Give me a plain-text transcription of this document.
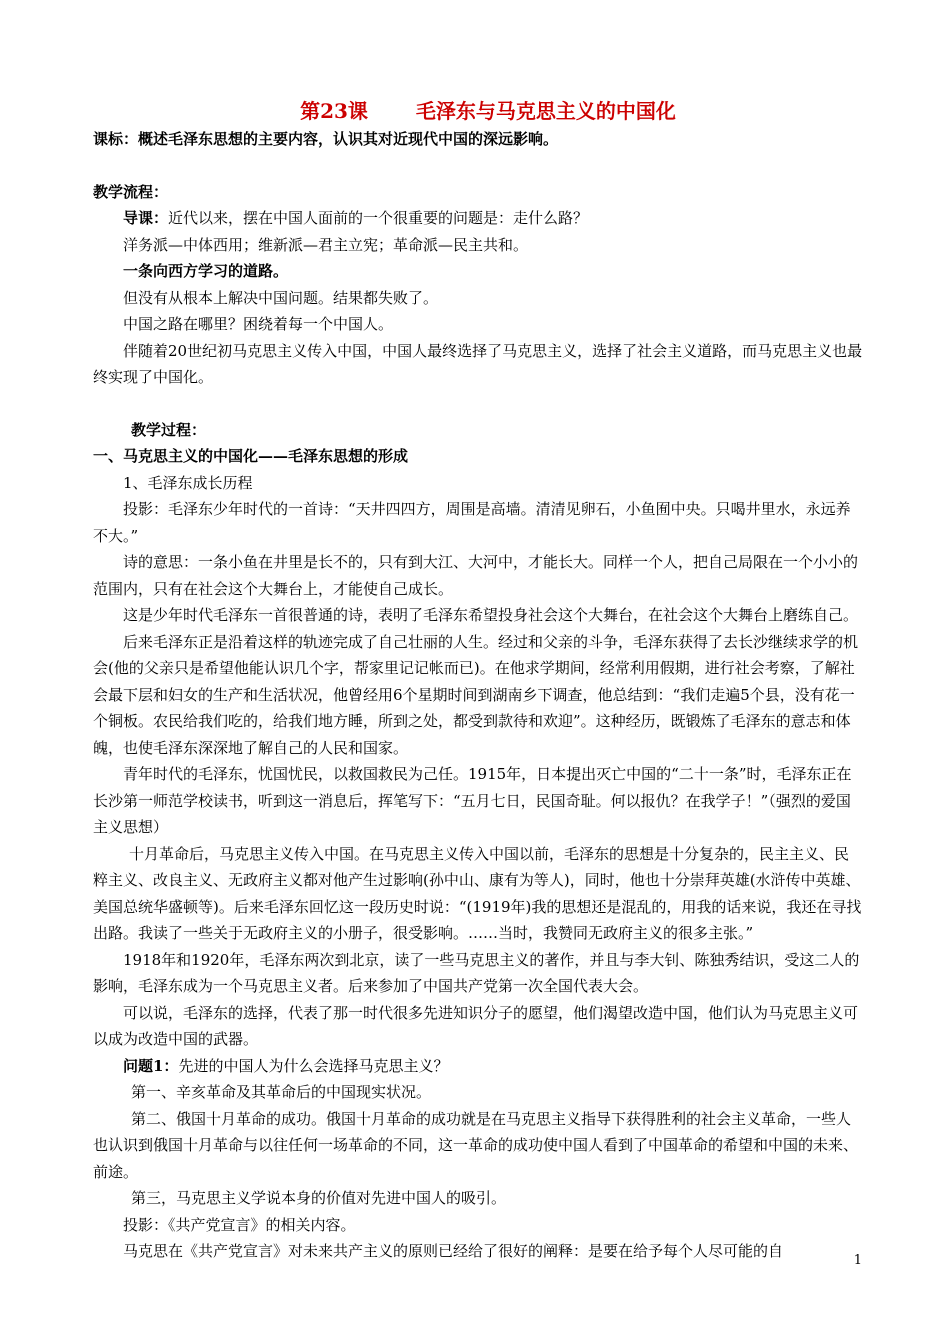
第23课 毛泽东与马克思主义的中国化

课标：概述毛泽东思想的主要内容，认识其对近现代中国的深远影响。

教学流程：

导课：近代以来，摆在中国人面前的一个很重要的问题是：走什么路？

洋务派—中体西用；维新派—君主立宪；革命派—民主共和。

一条向西方学习的道路。

但没有从根本上解决中国问题。结果都失败了。

中国之路在哪里？困绕着每一个中国人。

伴随着20世纪初马克思主义传入中国，中国人最终选择了马克思主义，选择了社会主义道路，而马克思主义也最终实现了中国化。

教学过程：

一、马克思主义的中国化——毛泽东思想的形成

1、毛泽东成长历程

投影：毛泽东少年时代的一首诗：“天井四四方，周围是高墙。清清见卵石，小鱼囿中央。只喝井里水，永远养不大。”

诗的意思：一条小鱼在井里是长不的，只有到大江、大河中，才能长大。同样一个人，把自己局限在一个小小的范围内，只有在社会这个大舞台上，才能使自己成长。

这是少年时代毛泽东一首很普通的诗，表明了毛泽东希望投身社会这个大舞台，在社会这个大舞台上磨练自己。

后来毛泽东正是沿着这样的轨迹完成了自己壮丽的人生。经过和父亲的斗争，毛泽东获得了去长沙继续求学的机会(他的父亲只是希望他能认识几个字，帮家里记记帐而已)。在他求学期间，经常利用假期，进行社会考察，了解社会最下层和妇女的生产和生活状况，他曾经用6个星期时间到湖南乡下调查，他总结到：“我们走遍5个县，没有花一个铜板。农民给我们吃的，给我们地方睡，所到之处，都受到款待和欢迎”。这种经历，既锻炼了毛泽东的意志和体魄，也使毛泽东深深地了解自己的人民和国家。

青年时代的毛泽东，忧国忧民，以救国救民为己任。1915年，日本提出灭亡中国的“二十一条”时，毛泽东正在长沙第一师范学校读书，听到这一消息后，挥笔写下：“五月七日，民国奇耻。何以报仇？在我学子！”（强烈的爱国主义思想）

十月革命后，马克思主义传入中国。在马克思主义传入中国以前，毛泽东的思想是十分复杂的，民主主义、民粹主义、改良主义、无政府主义都对他产生过影响(孙中山、康有为等人)，同时，他也十分崇拜英雄(水浒传中英雄、美国总统华盛顿等)。后来毛泽东回忆这一段历史时说：“(1919年)我的思想还是混乱的，用我的话来说，我还在寻找出路。我读了一些关于无政府主义的小册子，很受影响。……当时，我赞同无政府主义的很多主张。”

1918年和1920年，毛泽东两次到北京，读了一些马克思主义的著作，并且与李大钊、陈独秀结识，受这二人的影响，毛泽东成为一个马克思主义者。后来参加了中国共产党第一次全国代表大会。

可以说，毛泽东的选择，代表了那一时代很多先进知识分子的愿望，他们渴望改造中国，他们认为马克思主义可以成为改造中国的武器。

问题1：先进的中国人为什么会选择马克思主义？

第一、辛亥革命及其革命后的中国现实状况。

第二、俄国十月革命的成功。俄国十月革命的成功就是在马克思主义指导下获得胜利的社会主义革命，一些人也认识到俄国十月革命与以往任何一场革命的不同，这一革命的成功使中国人看到了中国革命的希望和中国的未来、前途。

第三，马克思主义学说本身的价值对先进中国人的吸引。

投影：《共产党宣言》的相关内容。

马克思在《共产党宣言》对未来共产主义的原则已经给了很好的阐释：是要在给予每个人尽可能的自

1
